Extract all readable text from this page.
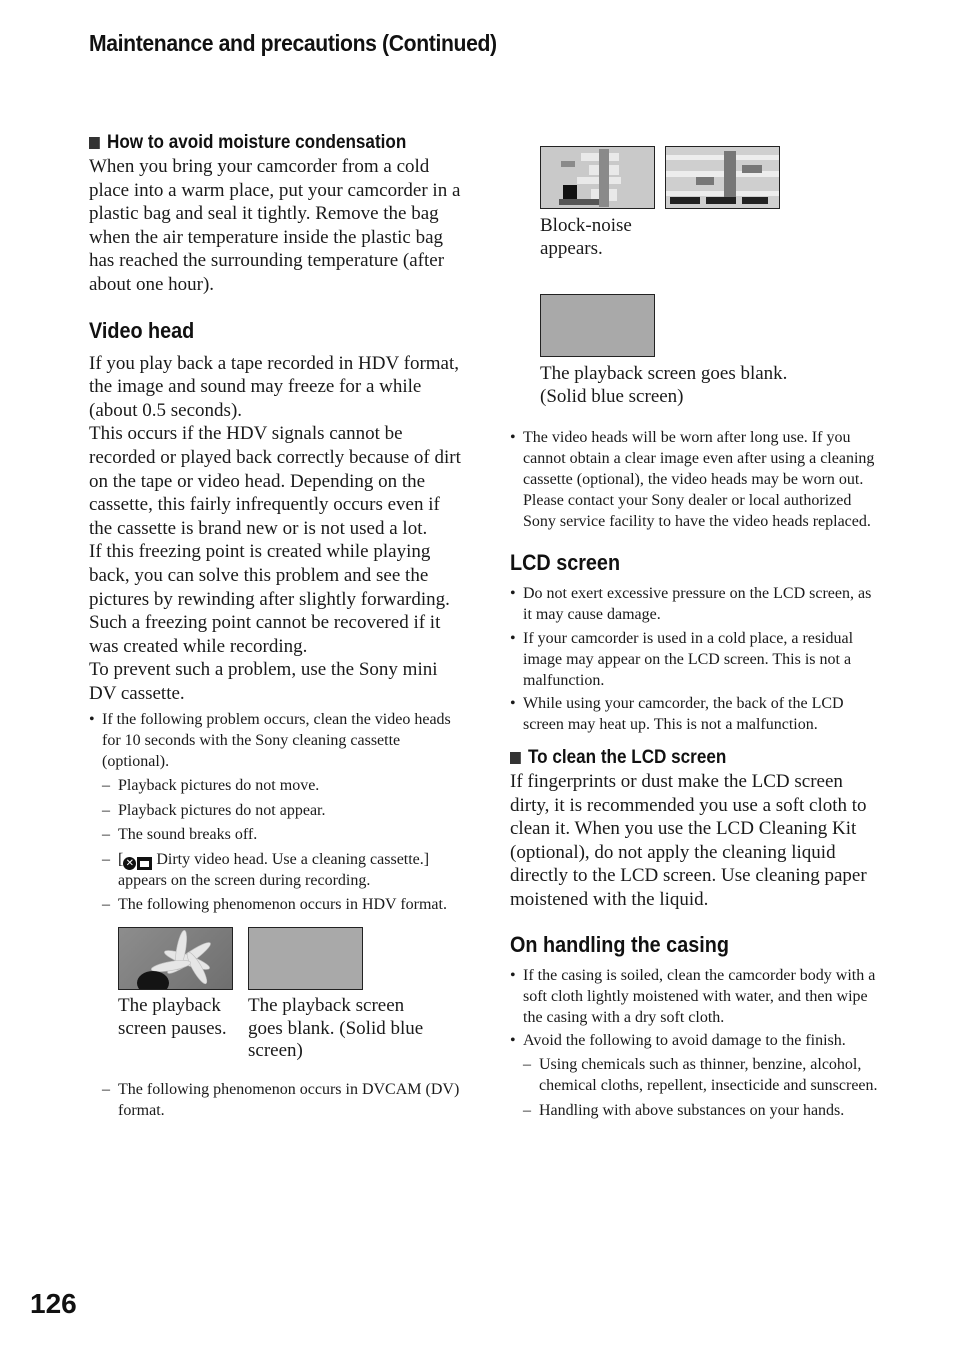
Maintenance and precautions (Continued)
How to avoid moisture condensation

When you bring your camcorder from a cold place into a warm place, put your camcorder in a plastic bag and seal it tightly. Remove the bag when the air temperature inside the plastic bag has reached the surrounding temperature (after about one hour).

Video head

If you play back a tape recorded in HDV format, the image and sound may freeze for a while (about 0.5 seconds).

This occurs if the HDV signals cannot be recorded or played back correctly because of dirt on the tape or video head. Depending on the cassette, this fairly infrequently occurs even if the cassette is brand new or is not used a lot.

If this freezing point is created while playing back, you can solve this problem and see the pictures by rewinding after slightly forwarding. Such a freezing point cannot be recovered if it was created while recording.

To prevent such a problem, use the Sony mini DV cassette.

• If the following problem occurs, clean the video heads for 10 seconds with the Sony cleaning cassette (optional).
– Playback pictures do not move.
– Playback pictures do not appear.
– The sound breaks off.
– [ ✕ Dirty video head. Use a cleaning cassette.] appears on the screen during recording.
– The following phenomenon occurs in HDV format.

The playback screen pauses.

The playback screen goes blank. (Solid blue screen)

– The following phenomenon occurs in DVCAM (DV) format.

Block-noise appears.

The playback screen goes blank. (Solid blue screen)

• The video heads will be worn after long use. If you cannot obtain a clear image even after using a cleaning cassette (optional), the video heads may be worn out. Please contact your Sony dealer or local authorized Sony service facility to have the video heads replaced.
LCD screen
• Do not exert excessive pressure on the LCD screen, as it may cause damage.
• If your camcorder is used in a cold place, a residual image may appear on the LCD screen. This is not a malfunction.
• While using your camcorder, the back of the LCD screen may heat up. This is not a malfunction.
To clean the LCD screen

If fingerprints or dust make the LCD screen dirty, it is recommended you use a soft cloth to clean it. When you use the LCD Cleaning Kit (optional), do not apply the cleaning liquid directly to the LCD screen. Use cleaning paper moistened with the liquid.

On handling the casing
• If the casing is soiled, clean the camcorder body with a soft cloth lightly moistened with water, and then wipe the casing with a dry soft cloth.
• Avoid the following to avoid damage to the finish.
– Using chemicals such as thinner, benzine, alcohol, chemical cloths, repellent, insecticide and sunscreen.
– Handling with above substances on your hands.
126
